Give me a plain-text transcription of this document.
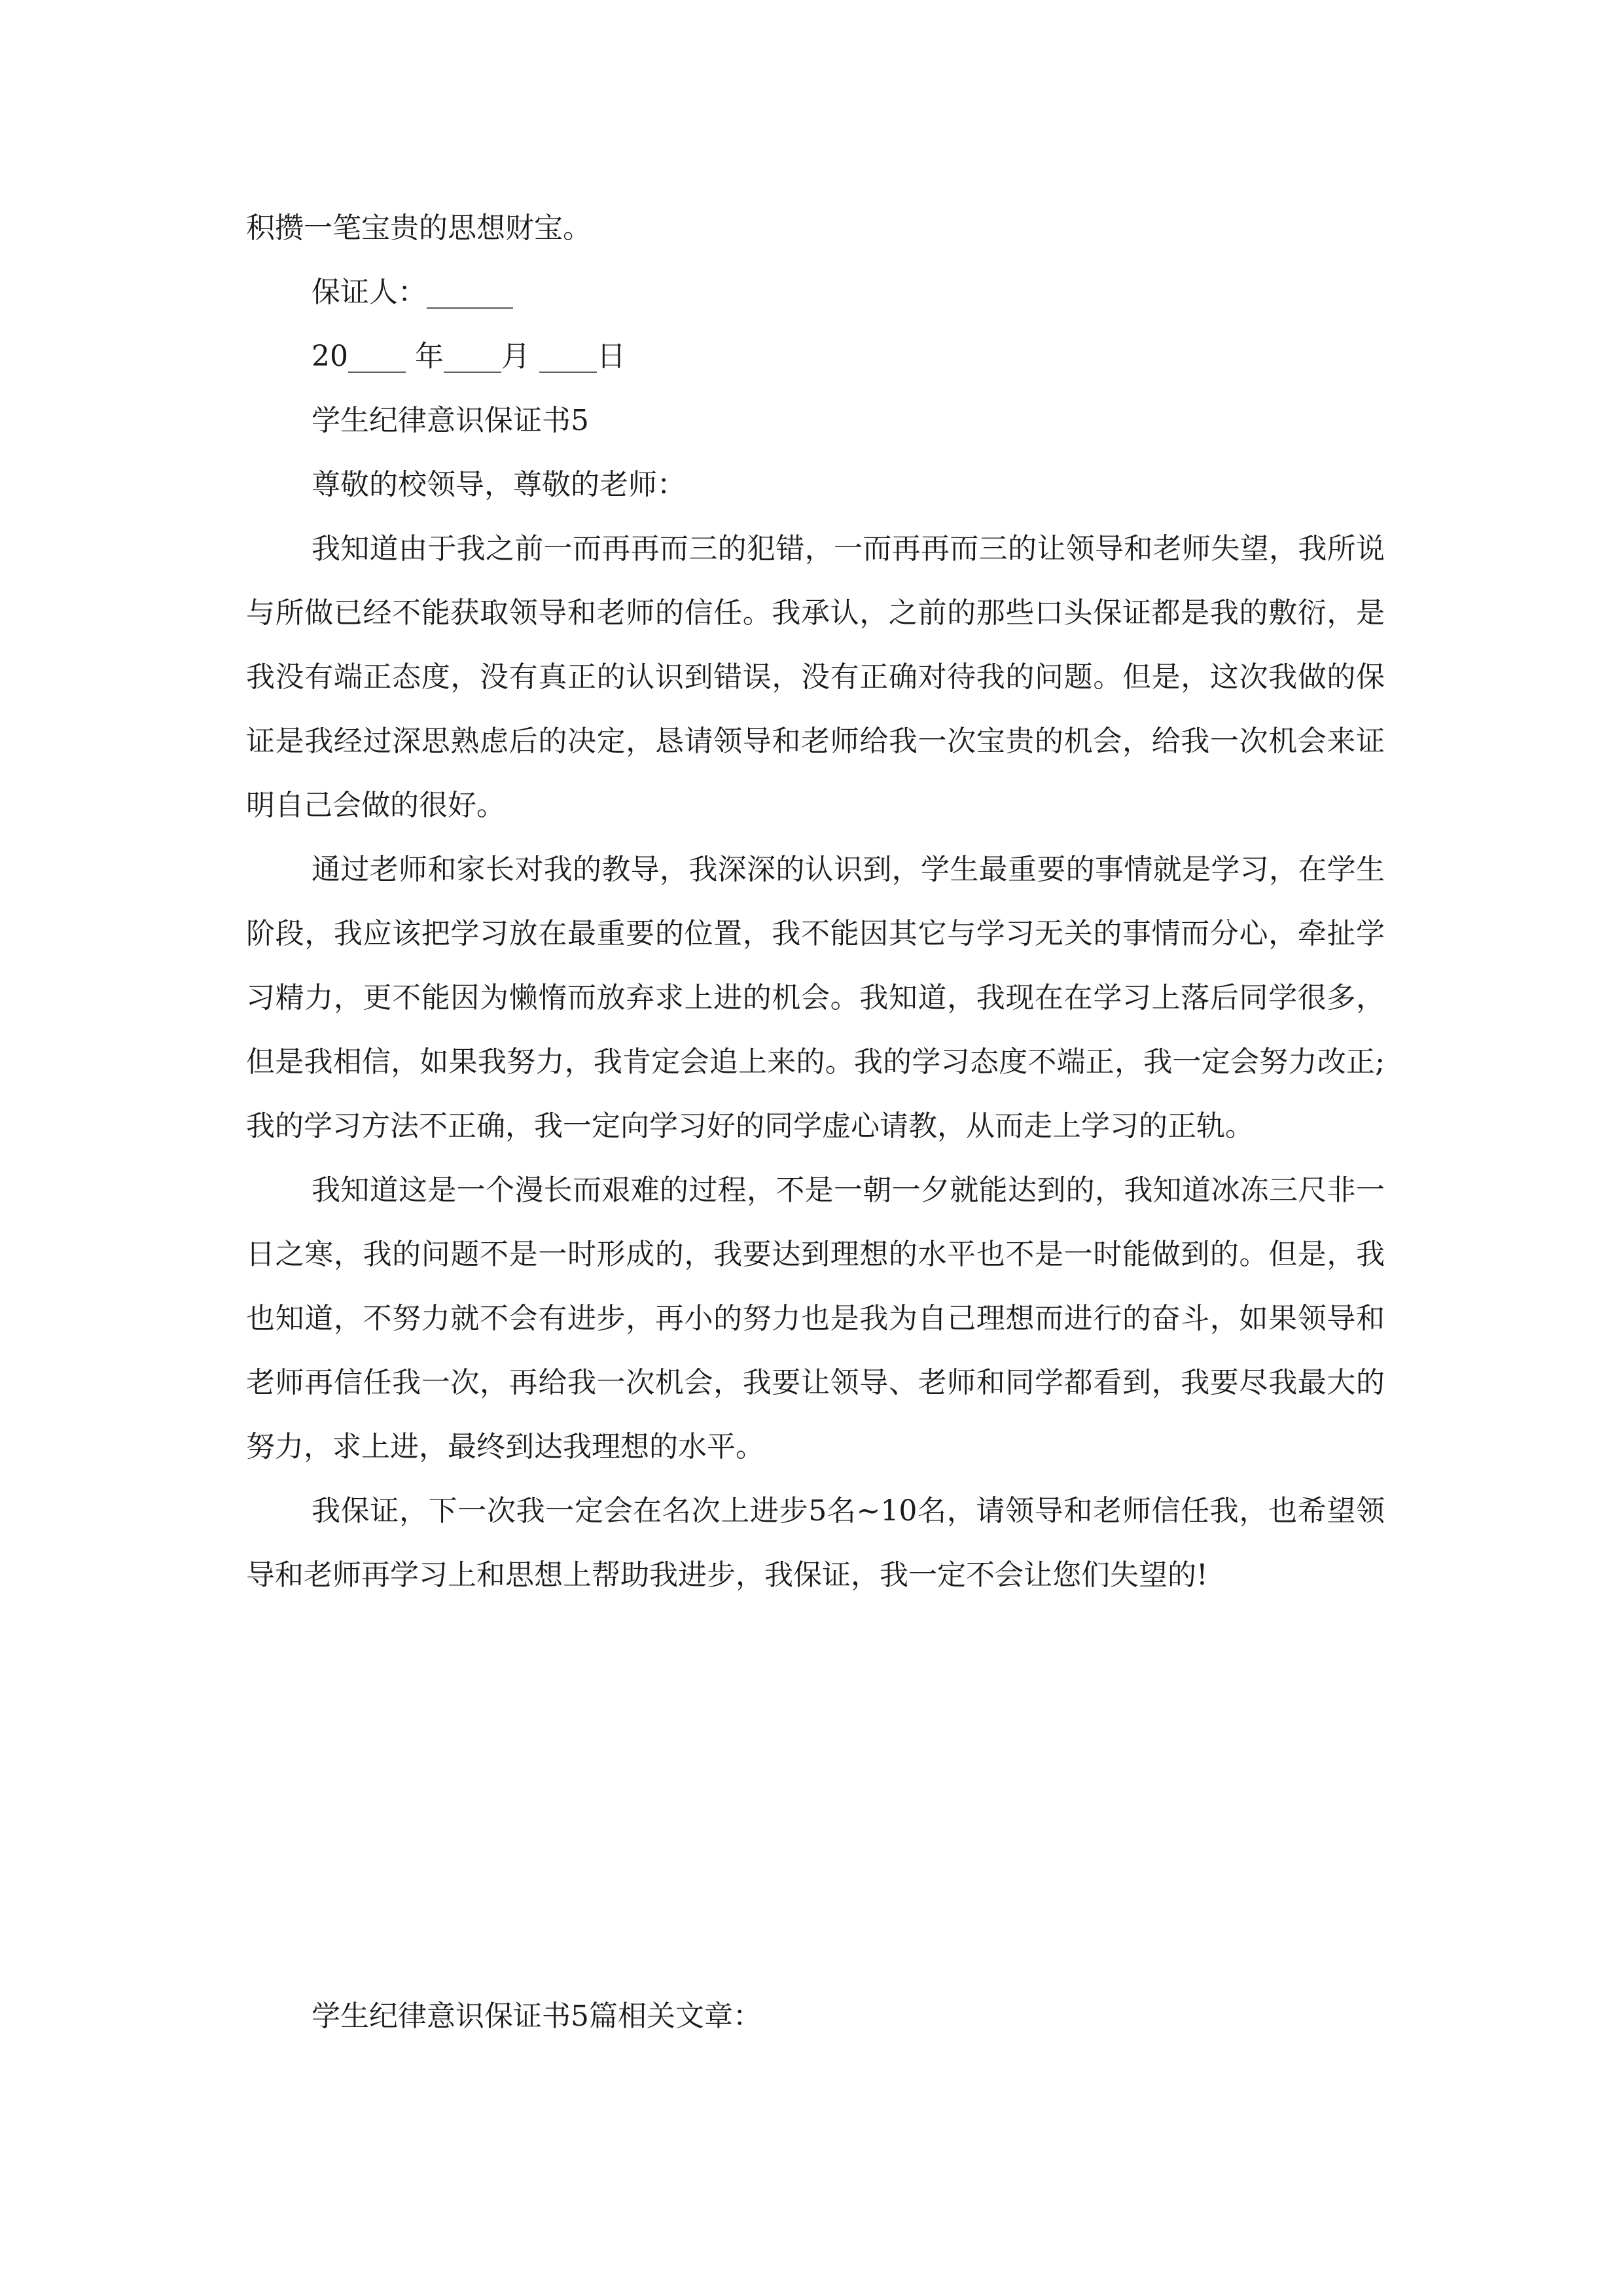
积攒一笔宝贵的思想财宝。

保证人：______

20____ 年____月 ____日

学生纪律意识保证书5

尊敬的校领导，尊敬的老师：

我知道由于我之前一而再再而三的犯错，一而再再而三的让领导和老师失望，我所说与所做已经不能获取领导和老师的信任。我承认，之前的那些口头保证都是我的敷衍，是我没有端正态度，没有真正的认识到错误，没有正确对待我的问题。但是，这次我做的保证是我经过深思熟虑后的决定，恳请领导和老师给我一次宝贵的机会，给我一次机会来证明自己会做的很好。

通过老师和家长对我的教导，我深深的认识到，学生最重要的事情就是学习，在学生阶段，我应该把学习放在最重要的位置，我不能因其它与学习无关的事情而分心，牵扯学习精力，更不能因为懒惰而放弃求上进的机会。我知道，我现在在学习上落后同学很多，但是我相信，如果我努力，我肯定会追上来的。我的学习态度不端正，我一定会努力改正;我的学习方法不正确，我一定向学习好的同学虚心请教，从而走上学习的正轨。

我知道这是一个漫长而艰难的过程，不是一朝一夕就能达到的，我知道冰冻三尺非一日之寒，我的问题不是一时形成的，我要达到理想的水平也不是一时能做到的。但是，我也知道，不努力就不会有进步，再小的努力也是我为自己理想而进行的奋斗，如果领导和老师再信任我一次，再给我一次机会，我要让领导、老师和同学都看到，我要尽我最大的努力，求上进，最终到达我理想的水平。

我保证，下一次我一定会在名次上进步5名~10名，请领导和老师信任我，也希望领导和老师再学习上和思想上帮助我进步，我保证，我一定不会让您们失望的!

学生纪律意识保证书5篇相关文章：
